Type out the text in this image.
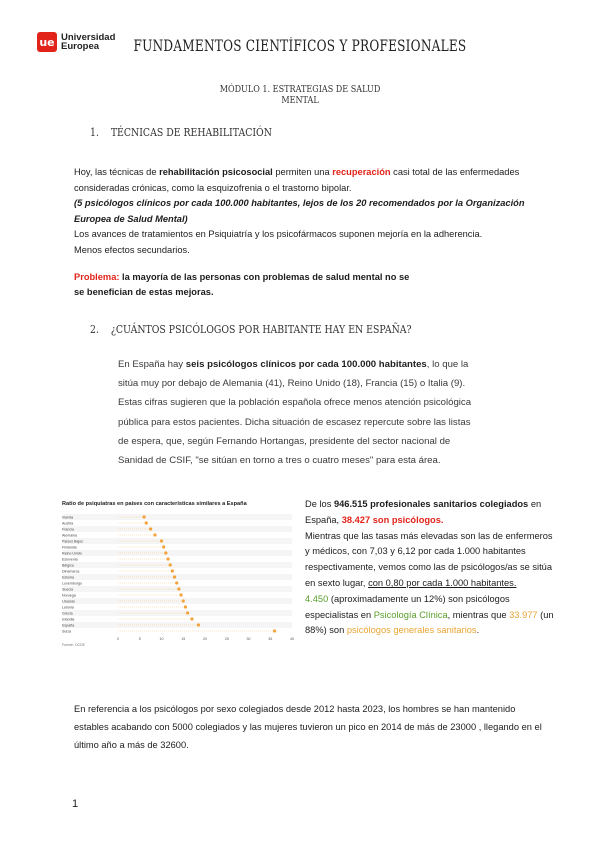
ue Universidad
Europea	FUNDAMENTOS CIENTÍFICOS Y PROFESIONALES
MÓDULO 1. ESTRATEGIAS DE SALUD MENTAL
1. TÉCNICAS DE REHABILITACIÓN
Hoy, las técnicas de rehabilitación psicosocial permiten una recuperación casi total de las enfermedades consideradas crónicas, como la esquizofrenia o el trastorno bipolar.
(5 psicólogos clínicos por cada 100.000 habitantes, lejos de los 20 recomendados por la Organización Europea de Salud Mental)
Los avances de tratamientos en Psiquiatría y los psicofármacos suponen mejoría en la adherencia.
Menos efectos secundarios.

Problema: la mayoría de las personas con problemas de salud mental no se
se benefician de estas mejoras.
2. ¿CUÁNTOS PSICÓLOGOS POR HABITANTE HAY EN ESPAÑA?
En España hay seis psicólogos clínicos por cada 100.000 habitantes, lo que la sitúa muy por debajo de Alemania (41), Reino Unido (18), Francia (15) o Italia (9). Estas cifras sugieren que la población española ofrece menos atención psicológica pública para estos pacientes. Dicha situación de escasez repercute sobre las listas de espera, que, según Fernando Hortangas, presidente del sector nacional de Sanidad de CSIF, "se sitúan en torno a tres o cuatro meses" para esta área.
Ratio de psiquiatras en países con características similares a España
Irlanda
Austria
Francia
Alemania
Países Bajos
Finlandia
Reino Unido
Eslovenia
Bélgica
Dinamarca
Estonia
Luxemburgo
Suecia
Noruega
Lituania
Letonia
Grecia
Islandia
España
Suiza
0	5	10	15	20	25	30	35	40
Fuente: OCDE
De los 946.515 profesionales sanitarios colegiados en España, 38.427 son psicólogos.
Mientras que las tasas más elevadas son las de enfermeros y médicos, con 7,03 y 6,12 por cada 1.000 habitantes respectivamente, vemos como las de psicólogos/as se sitúa en sexto lugar, con 0,80 por cada 1.000 habitantes.
4.450 (aproximadamente un 12%) son psicólogos especialistas en Psicología Clínica, mientras que 33.977 (un 88%) son psicólogos generales sanitarios.
En referencia a los psicólogos por sexo colegiados desde 2012 hasta 2023, los hombres se han mantenido estables acabando con 5000 colegiados y las mujeres tuvieron un pico en 2014 de más de 23000 , llegando en el último año a más de 32600.
1
